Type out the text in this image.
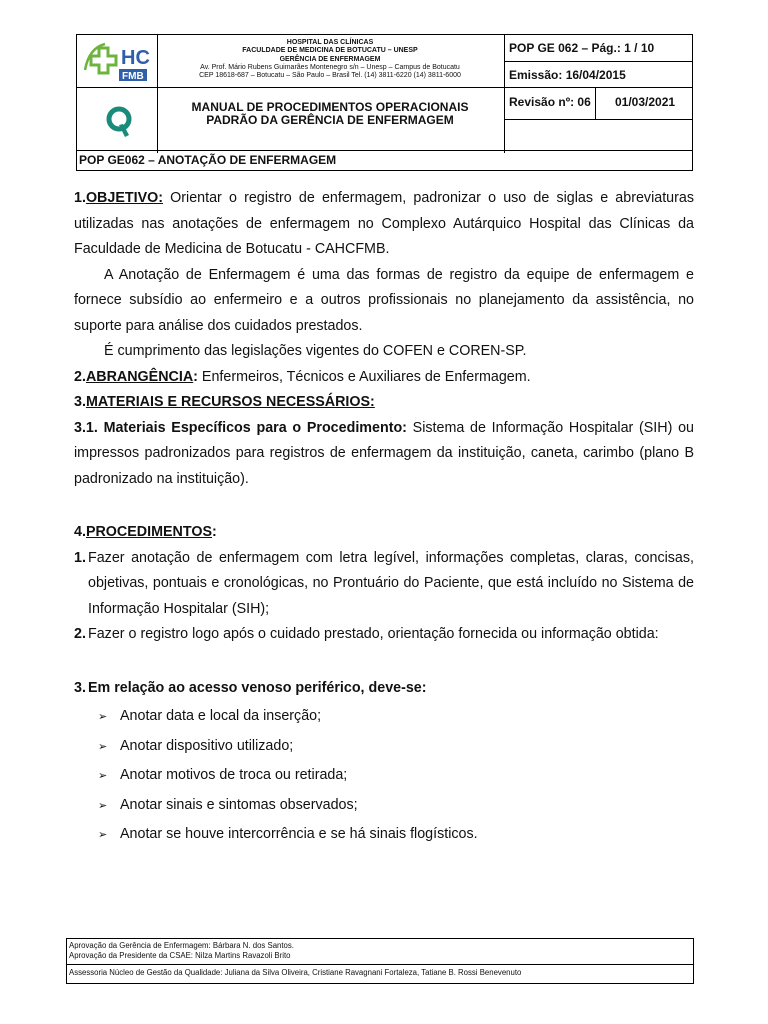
HC
FMB
HOSPITAL DAS CLÍNICAS
FACULDADE DE MEDICINA DE BOTUCATU – UNESP
GERÊNCIA DE ENFERMAGEM
Av. Prof. Mário Rubens Guimarães Montenegro s/n – Unesp – Campus de Botucatu
CEP 18618-687 – Botucatu – São Paulo – Brasil Tel. (14) 3811-6220 (14) 3811-6000
MANUAL DE PROCEDIMENTOS OPERACIONAIS
PADRÃO DA GERÊNCIA DE ENFERMAGEM
POP GE 062 – Pág.: 1 / 10
Emissão: 16/04/2015
Revisão nº: 06 01/03/2021
POP GE062 – ANOTAÇÃO DE ENFERMAGEM

1.OBJETIVO: Orientar o registro de enfermagem, padronizar o uso de siglas e abreviaturas utilizadas nas anotações de enfermagem no Complexo Autárquico Hospital das Clínicas da Faculdade de Medicina de Botucatu - CAHCFMB.

A Anotação de Enfermagem é uma das formas de registro da equipe de enfermagem e fornece subsídio ao enfermeiro e a outros profissionais no planejamento da assistência, no suporte para análise dos cuidados prestados.

É cumprimento das legislações vigentes do COFEN e COREN-SP.

2.ABRANGÊNCIA: Enfermeiros, Técnicos e Auxiliares de Enfermagem.

3.MATERIAIS E RECURSOS NECESSÁRIOS:

3.1. Materiais Específicos para o Procedimento: Sistema de Informação Hospitalar (SIH) ou impressos padronizados para registros de enfermagem da instituição, caneta, carimbo (plano B padronizado na instituição).

4.PROCEDIMENTOS:

1. Fazer anotação de enfermagem com letra legível, informações completas, claras, concisas, objetivas, pontuais e cronológicas, no Prontuário do Paciente, que está incluído no Sistema de Informação Hospitalar (SIH);
2. Fazer o registro logo após o cuidado prestado, orientação fornecida ou informação obtida:
3. Em relação ao acesso venoso periférico, deve-se:
➢ Anotar data e local da inserção;
➢ Anotar dispositivo utilizado;
➢ Anotar motivos de troca ou retirada;
➢ Anotar sinais e sintomas observados;
➢ Anotar se houve intercorrência e se há sinais flogísticos.
Aprovação da Gerência de Enfermagem: Bárbara N. dos Santos.
Aprovação da Presidente da CSAE: Nilza Martins Ravazoli Brito
Assessoria Núcleo de Gestão da Qualidade: Juliana da Silva Oliveira, Cristiane Ravagnani Fortaleza, Tatiane B. Rossi Benevenuto
